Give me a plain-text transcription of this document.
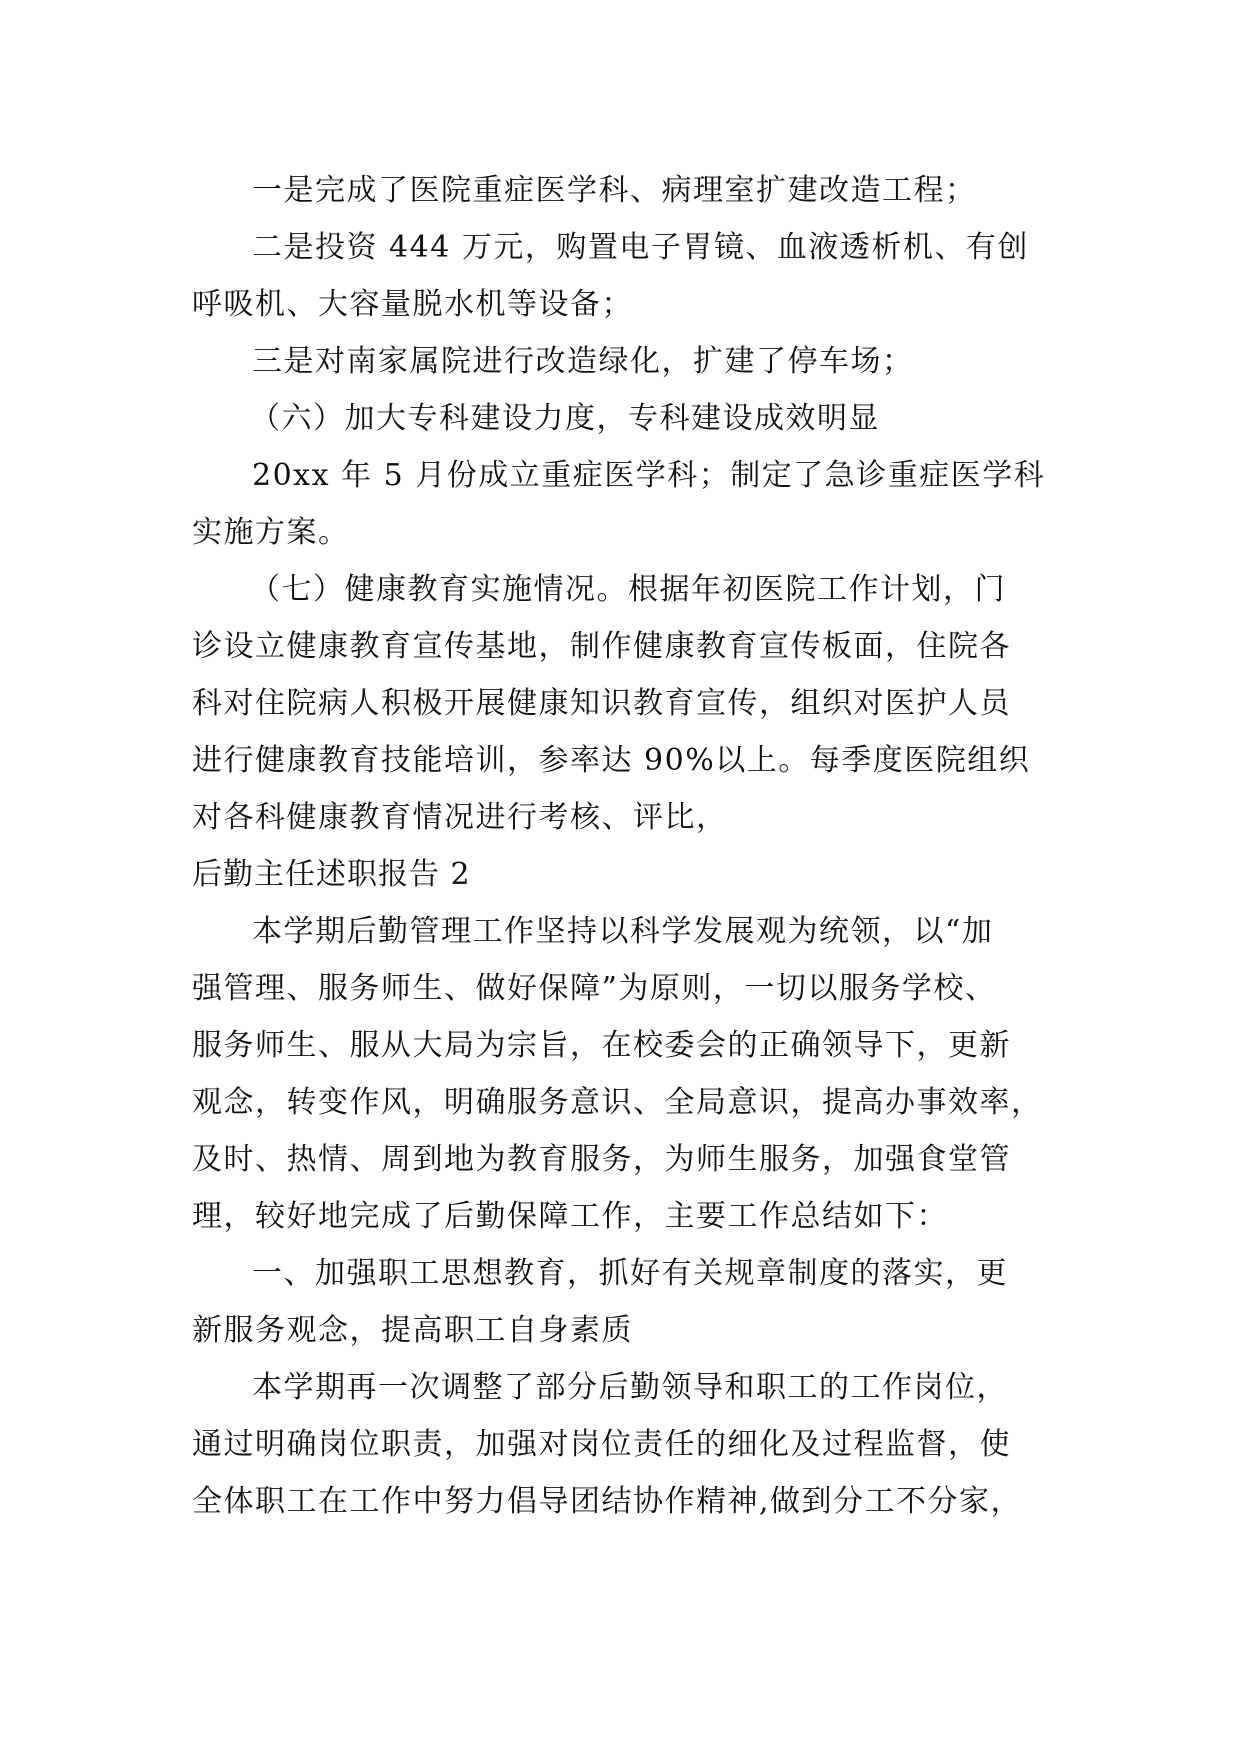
一是完成了医院重症医学科、病理室扩建改造工程；
二是投资 444 万元，购置电子胃镜、血液透析机、有创
呼吸机、大容量脱水机等设备；
三是对南家属院进行改造绿化，扩建了停车场；
（六）加大专科建设力度，专科建设成效明显
20xx 年 5 月份成立重症医学科；制定了急诊重症医学科
实施方案。
（七）健康教育实施情况。根据年初医院工作计划，门
诊设立健康教育宣传基地，制作健康教育宣传板面，住院各
科对住院病人积极开展健康知识教育宣传，组织对医护人员
进行健康教育技能培训，参率达 90%以上。每季度医院组织
对各科健康教育情况进行考核、评比，
后勤主任述职报告 2
本学期后勤管理工作坚持以科学发展观为统领，以“加
强管理、服务师生、做好保障”为原则，一切以服务学校、
服务师生、服从大局为宗旨，在校委会的正确领导下，更新
观念，转变作风，明确服务意识、全局意识，提高办事效率，
及时、热情、周到地为教育服务，为师生服务，加强食堂管
理，较好地完成了后勤保障工作，主要工作总结如下：
一、加强职工思想教育，抓好有关规章制度的落实，更
新服务观念，提高职工自身素质
本学期再一次调整了部分后勤领导和职工的工作岗位，
通过明确岗位职责，加强对岗位责任的细化及过程监督，使
全体职工在工作中努力倡导团结协作精神,做到分工不分家，
